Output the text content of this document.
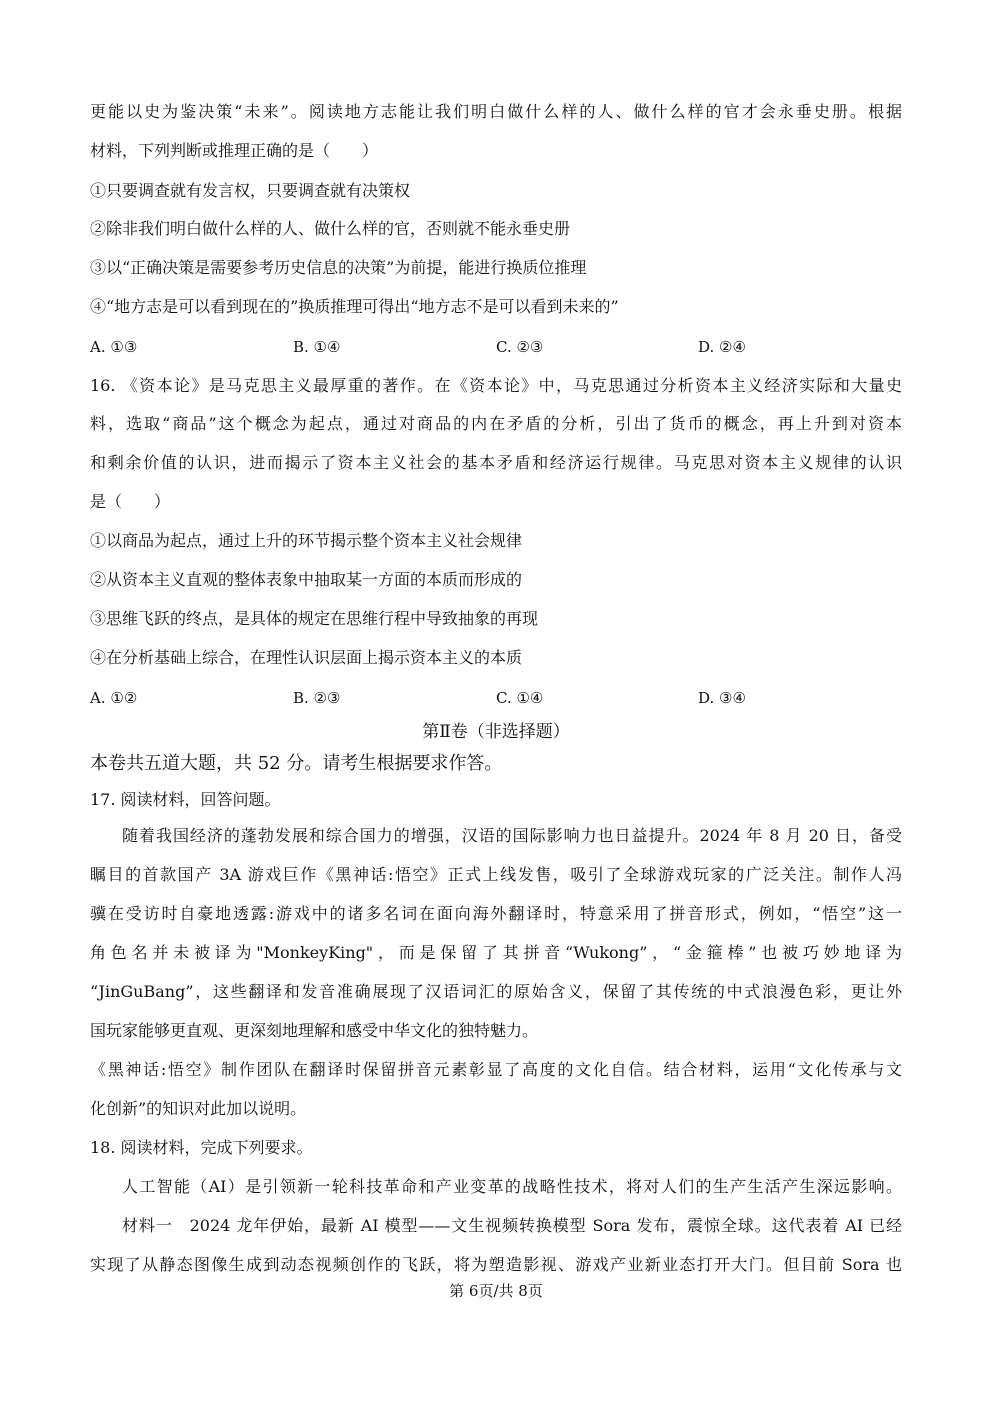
更能以史为鉴决策“未来”。阅读地方志能让我们明白做什么样的人、做什么样的官才会永垂史册。根据
材料，下列判断或推理正确的是（　　）
①只要调查就有发言权，只要调查就有决策权
②除非我们明白做什么样的人、做什么样的官，否则就不能永垂史册
③以“正确决策是需要参考历史信息的决策”为前提，能进行换质位推理
④“地方志是可以看到现在的”换质推理可得出“地方志不是可以看到未来的”
A. ①③	B. ①④	C. ②③	D. ②④
16. 《资本论》是马克思主义最厚重的著作。在《资本论》中，马克思通过分析资本主义经济实际和大量史
料，选取“商品”这个概念为起点，通过对商品的内在矛盾的分析，引出了货币的概念，再上升到对资本
和剩余价值的认识，进而揭示了资本主义社会的基本矛盾和经济运行规律。马克思对资本主义规律的认识
是（　　）
①以商品为起点，通过上升的环节揭示整个资本主义社会规律
②从资本主义直观的整体表象中抽取某一方面的本质而形成的
③思维飞跃的终点，是具体的规定在思维行程中导致抽象的再现
④在分析基础上综合，在理性认识层面上揭示资本主义的本质
A. ①②	B. ②③	C. ①④	D. ③④
第Ⅱ卷（非选择题）
本卷共五道大题，共 52 分。请考生根据要求作答。
17. 阅读材料，回答问题。
随着我国经济的蓬勃发展和综合国力的增强，汉语的国际影响力也日益提升。2024 年 8 月 20 日，备受
瞩目的首款国产 3A 游戏巨作《黑神话:悟空》正式上线发售，吸引了全球游戏玩家的广泛关注。制作人冯
骥在受访时自豪地透露:游戏中的诸多名词在面向海外翻译时，特意采用了拼音形式，例如，“悟空”这一
角色名并未被译为"MonkeyKing"，而是保留了其拼音“Wukong”，“金箍棒”也被巧妙地译为
“JinGuBang”，这些翻译和发音准确展现了汉语词汇的原始含义，保留了其传统的中式浪漫色彩，更让外
国玩家能够更直观、更深刻地理解和感受中华文化的独特魅力。
《黑神话:悟空》制作团队在翻译时保留拼音元素彰显了高度的文化自信。结合材料，运用“文化传承与文
化创新”的知识对此加以说明。
18. 阅读材料，完成下列要求。
人工智能（AI）是引领新一轮科技革命和产业变革的战略性技术，将对人们的生产生活产生深远影响。
材料一　2024 龙年伊始，最新 AI 模型——文生视频转换模型 Sora 发布，震惊全球。这代表着 AI 已经
实现了从静态图像生成到动态视频创作的飞跃，将为塑造影视、游戏产业新业态打开大门。但目前 Sora 也
第 6页/共 8页
